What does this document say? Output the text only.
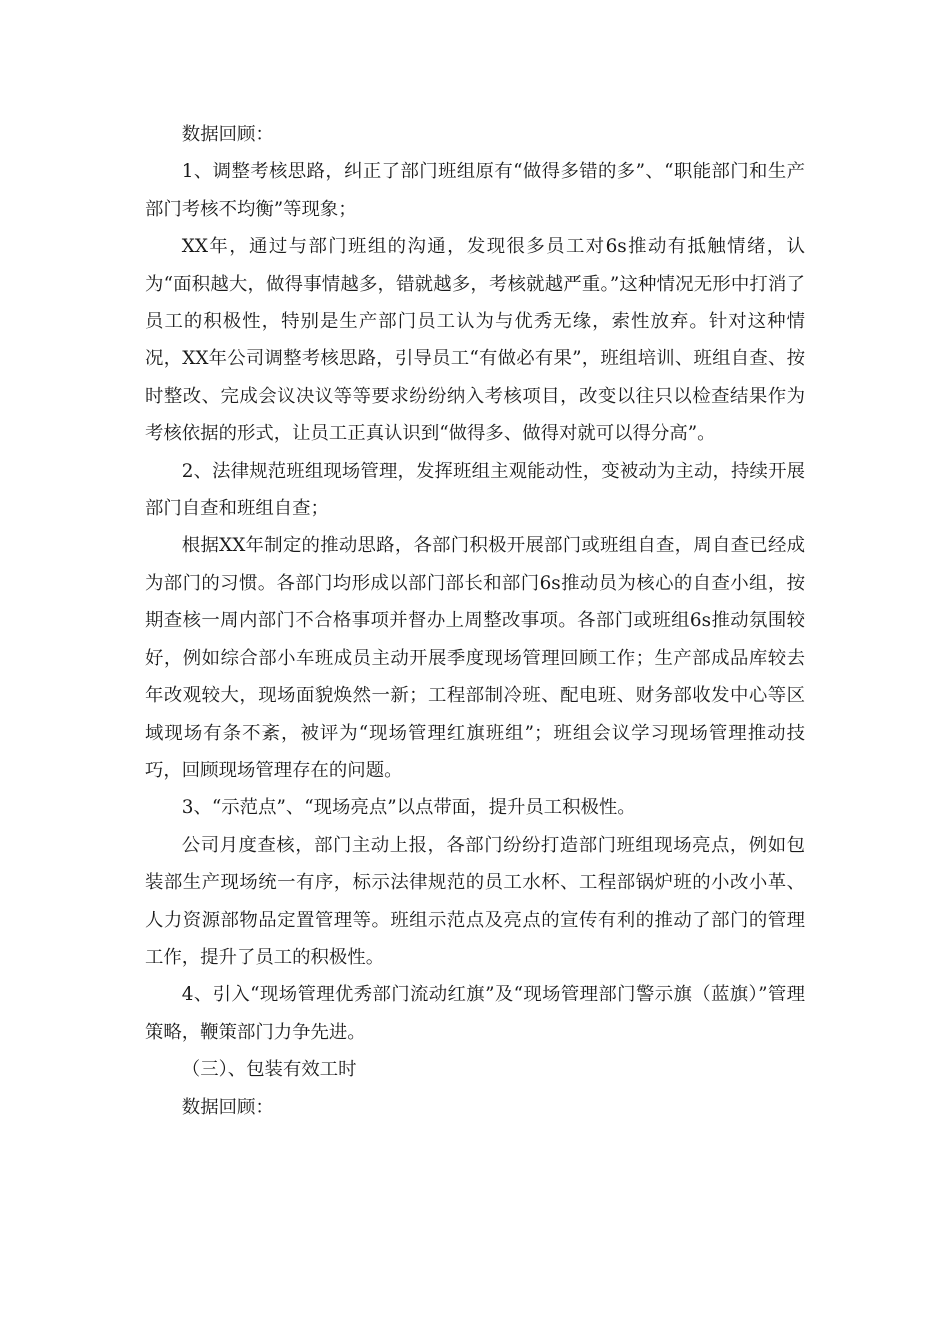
数据回顾：

1、调整考核思路，纠正了部门班组原有“做得多错的多”、“职能部门和生产部门考核不均衡”等现象；

XX年，通过与部门班组的沟通，发现很多员工对6s推动有抵触情绪，认为“面积越大，做得事情越多，错就越多，考核就越严重。”这种情况无形中打消了员工的积极性，特别是生产部门员工认为与优秀无缘，索性放弃。针对这种情况，XX年公司调整考核思路，引导员工“有做必有果”，班组培训、班组自查、按时整改、完成会议决议等等要求纷纷纳入考核项目，改变以往只以检查结果作为考核依据的形式，让员工正真认识到“做得多、做得对就可以得分高”。

2、法律规范班组现场管理，发挥班组主观能动性，变被动为主动，持续开展部门自查和班组自查；

根据XX年制定的推动思路，各部门积极开展部门或班组自查，周自查已经成为部门的习惯。各部门均形成以部门部长和部门6s推动员为核心的自查小组，按期查核一周内部门不合格事项并督办上周整改事项。各部门或班组6s推动氛围较好，例如综合部小车班成员主动开展季度现场管理回顾工作；生产部成品库较去年改观较大，现场面貌焕然一新；工程部制冷班、配电班、财务部收发中心等区域现场有条不紊，被评为“现场管理红旗班组”；班组会议学习现场管理推动技巧，回顾现场管理存在的问题。

3、“示范点”、“现场亮点”以点带面，提升员工积极性。

公司月度查核，部门主动上报，各部门纷纷打造部门班组现场亮点，例如包装部生产现场统一有序，标示法律规范的员工水杯、工程部锅炉班的小改小革、人力资源部物品定置管理等。班组示范点及亮点的宣传有利的推动了部门的管理工作，提升了员工的积极性。

4、引入“现场管理优秀部门流动红旗”及“现场管理部门警示旗（蓝旗）”管理策略，鞭策部门力争先进。

（三）、包装有效工时

数据回顾：
